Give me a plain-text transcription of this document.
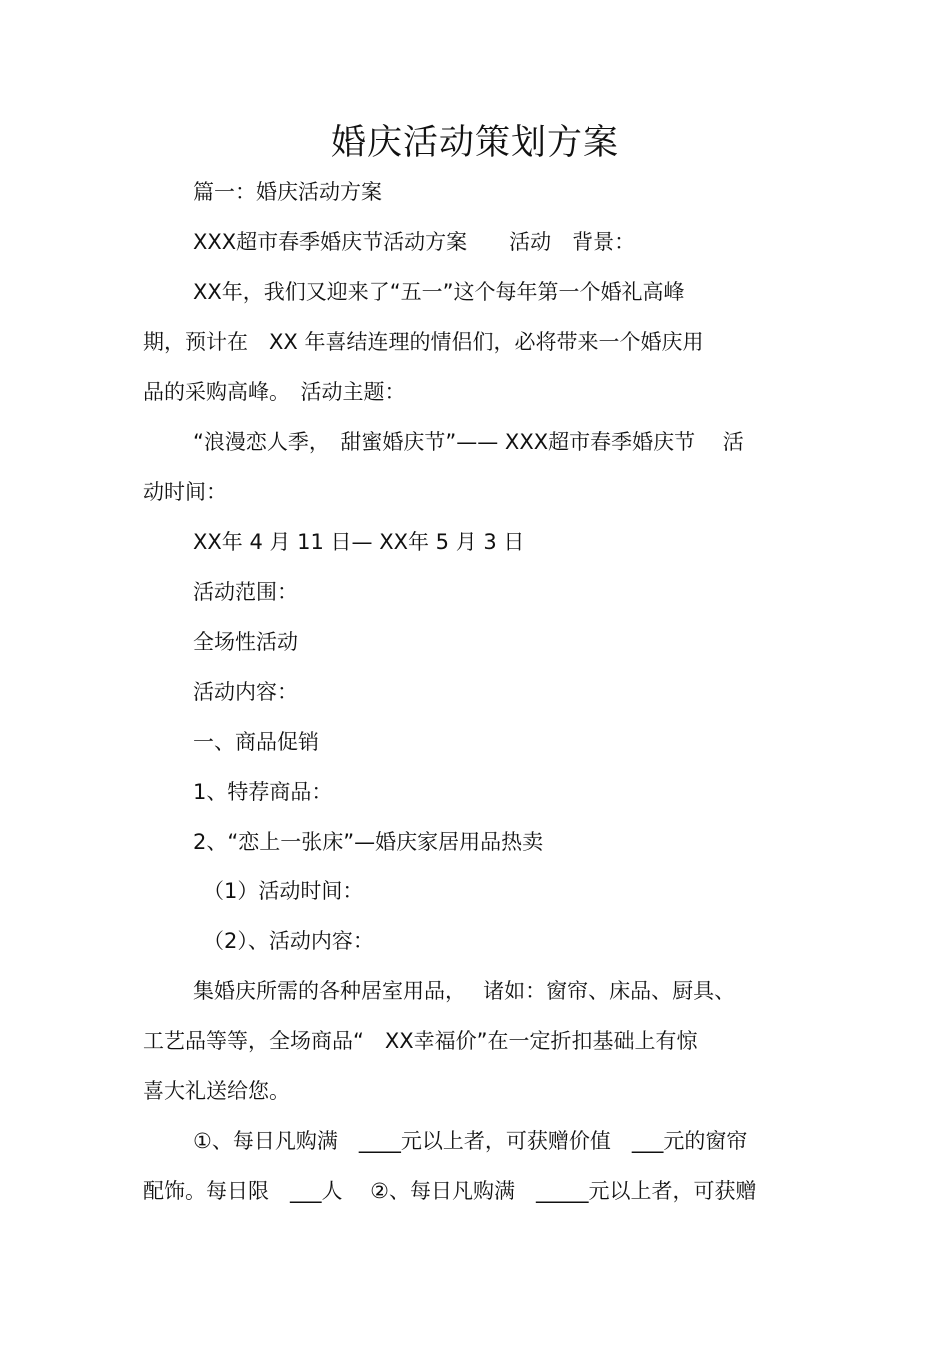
婚庆活动策划方案
篇一：婚庆活动方案
XXX超市春季婚庆节活动方案　　活动　背景：
XX年，我们又迎来了“五一”这个每年第一个婚礼高峰
期，预计在　XX 年喜结连理的情侣们，必将带来一个婚庆用
品的采购高峰。　活动主题：
“浪漫恋人季，　甜蜜婚庆节”—— XXX超市春季婚庆节　 活
动时间：
XX年 4 月 11 日— XX年 5 月 3 日
活动范围：
全场性活动
活动内容：
一、商品促销
1、特荐商品：
2、“恋上一张床”—婚庆家居用品热卖
（1）活动时间：
（2）、活动内容：
集婚庆所需的各种居室用品，　 诸如：窗帘、床品、厨具、
工艺品等等，全场商品“　XX幸福价”在一定折扣基础上有惊
喜大礼送给您。
①、每日凡购满　____元以上者，可获赠价值　___元的窗帘
配饰。每日限　___人　 ②、每日凡购满　_____元以上者，可获赠
